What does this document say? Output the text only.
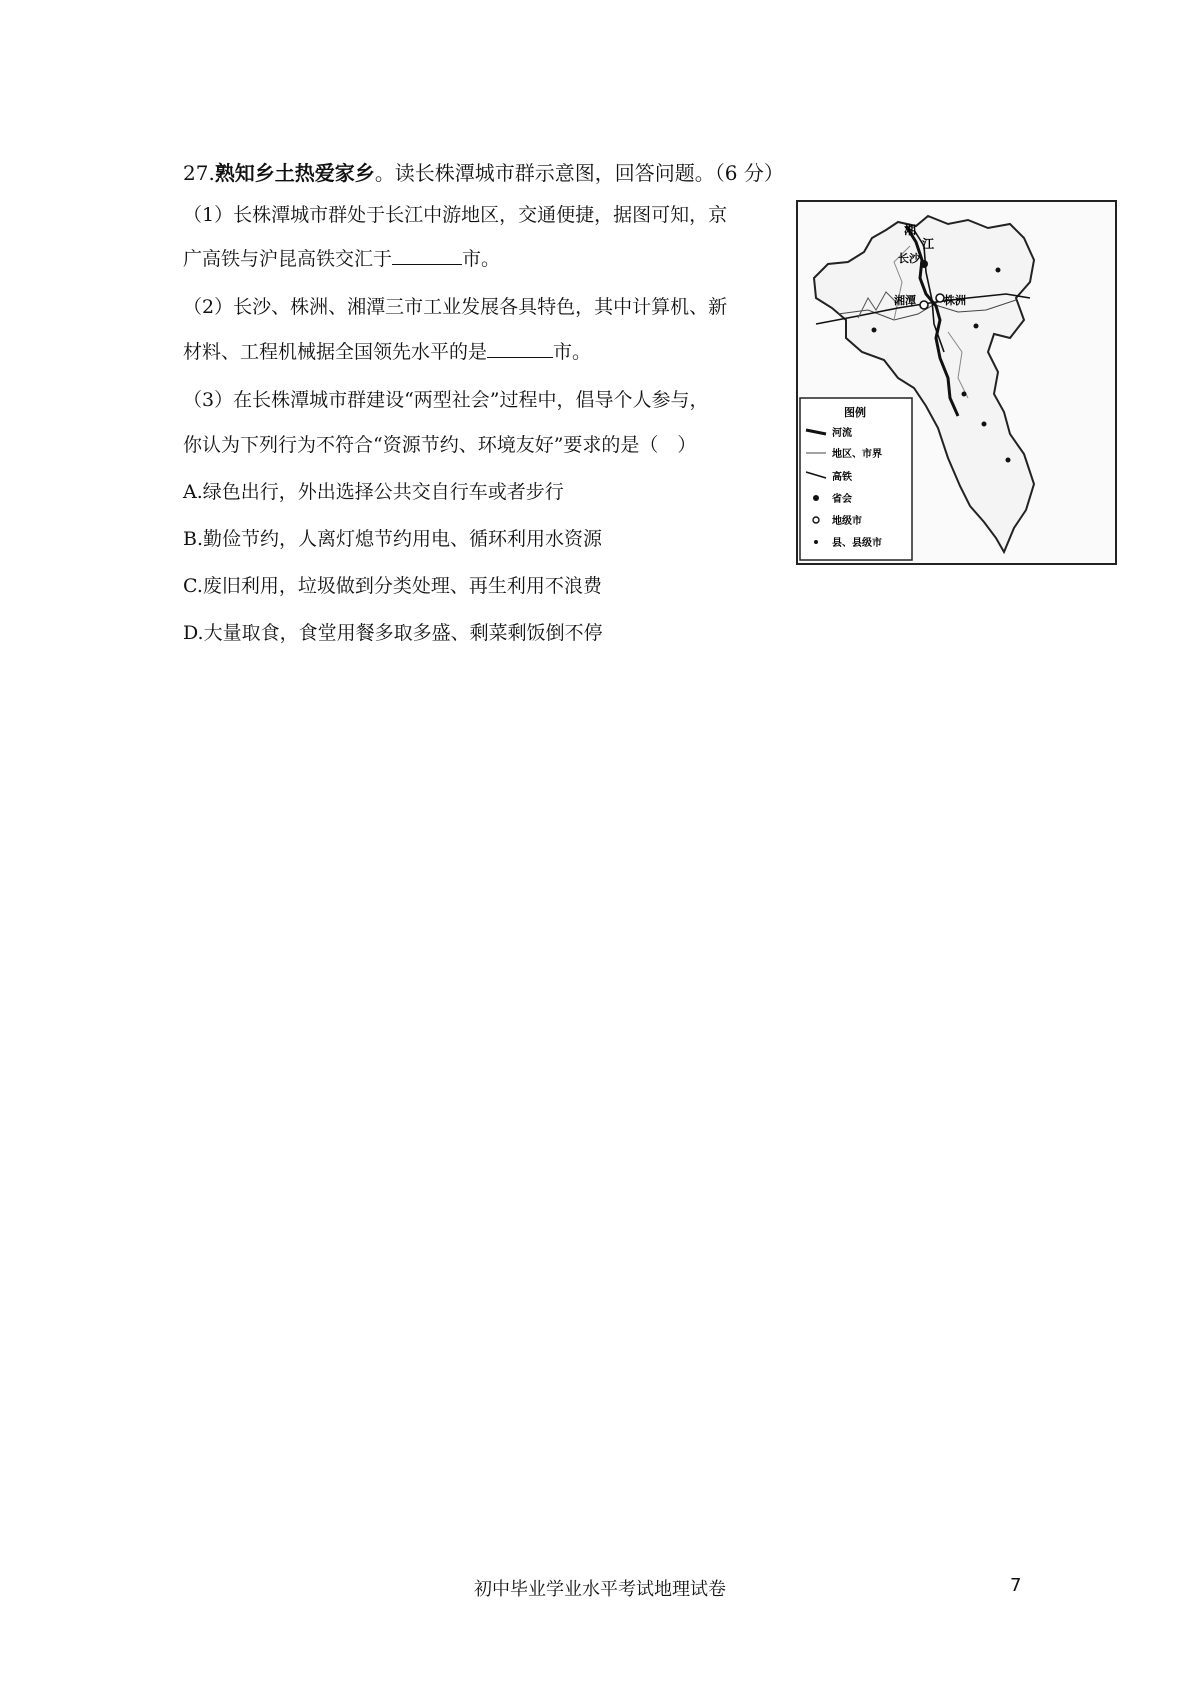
27.熟知乡土热爱家乡。读长株潭城市群示意图，回答问题。（6 分）
（1）长株潭城市群处于长江中游地区，交通便捷，据图可知，京
广高铁与沪昆高铁交汇于	市。
（2）长沙、株洲、湘潭三市工业发展各具特色，其中计算机、新
材料、工程机械据全国领先水平的是	市。
（3）在长株潭城市群建设“两型社会”过程中，倡导个人参与，
你认为下列行为不符合“资源节约、环境友好”要求的是（　）
A.绿色出行，外出选择公共交自行车或者步行
B.勤俭节约，人离灯熄节约用电、循环利用水资源
C.废旧利用，垃圾做到分类处理、再生利用不浪费
D.大量取食，食堂用餐多取多盛、剩菜剩饭倒不停
湘
江
长沙
湘潭	株洲
图例
河流
地区、市界
高铁
省会
地级市
县、县级市
初中毕业学业水平考试地理试卷	7
